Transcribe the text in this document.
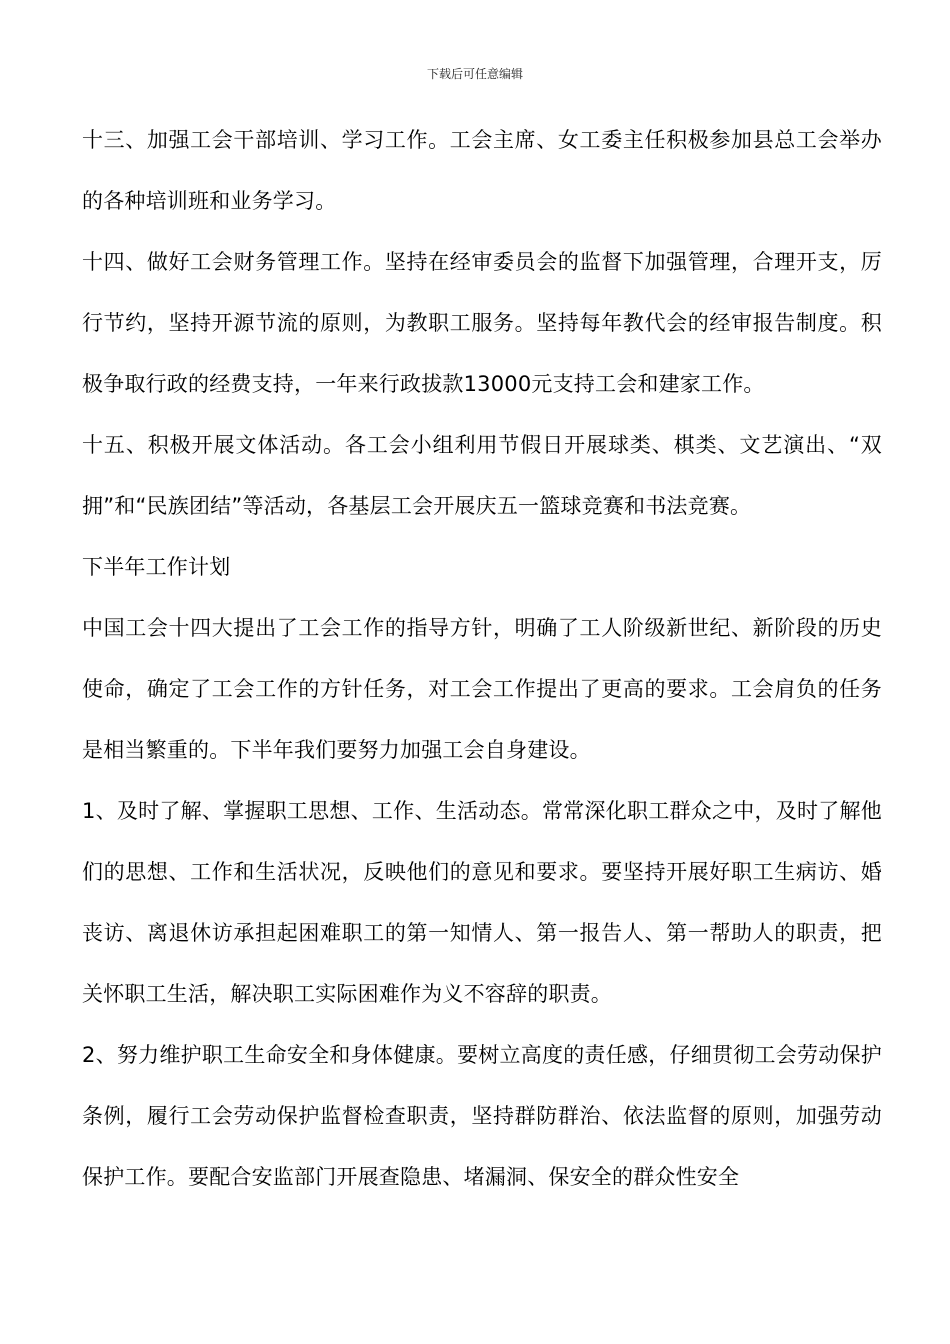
下载后可任意编辑

十三、加强工会干部培训、学习工作。工会主席、女工委主任积极参加县总工会举办的各种培训班和业务学习。

十四、做好工会财务管理工作。坚持在经审委员会的监督下加强管理，合理开支，厉行节约，坚持开源节流的原则，为教职工服务。坚持每年教代会的经审报告制度。积极争取行政的经费支持，一年来行政拔款13000元支持工会和建家工作。

十五、积极开展文体活动。各工会小组利用节假日开展球类、棋类、文艺演出、“双拥”和“民族团结”等活动，各基层工会开展庆五一篮球竞赛和书法竞赛。

下半年工作计划

中国工会十四大提出了工会工作的指导方针，明确了工人阶级新世纪、新阶段的历史使命，确定了工会工作的方针任务，对工会工作提出了更高的要求。工会肩负的任务是相当繁重的。下半年我们要努力加强工会自身建设。

1、及时了解、掌握职工思想、工作、生活动态。常常深化职工群众之中，及时了解他们的思想、工作和生活状况，反映他们的意见和要求。要坚持开展好职工生病访、婚丧访、离退休访承担起困难职工的第一知情人、第一报告人、第一帮助人的职责，把关怀职工生活，解决职工实际困难作为义不容辞的职责。

2、努力维护职工生命安全和身体健康。要树立高度的责任感，仔细贯彻工会劳动保护条例，履行工会劳动保护监督检查职责，坚持群防群治、依法监督的原则，加强劳动保护工作。要配合安监部门开展查隐患、堵漏洞、保安全的群众性安全
